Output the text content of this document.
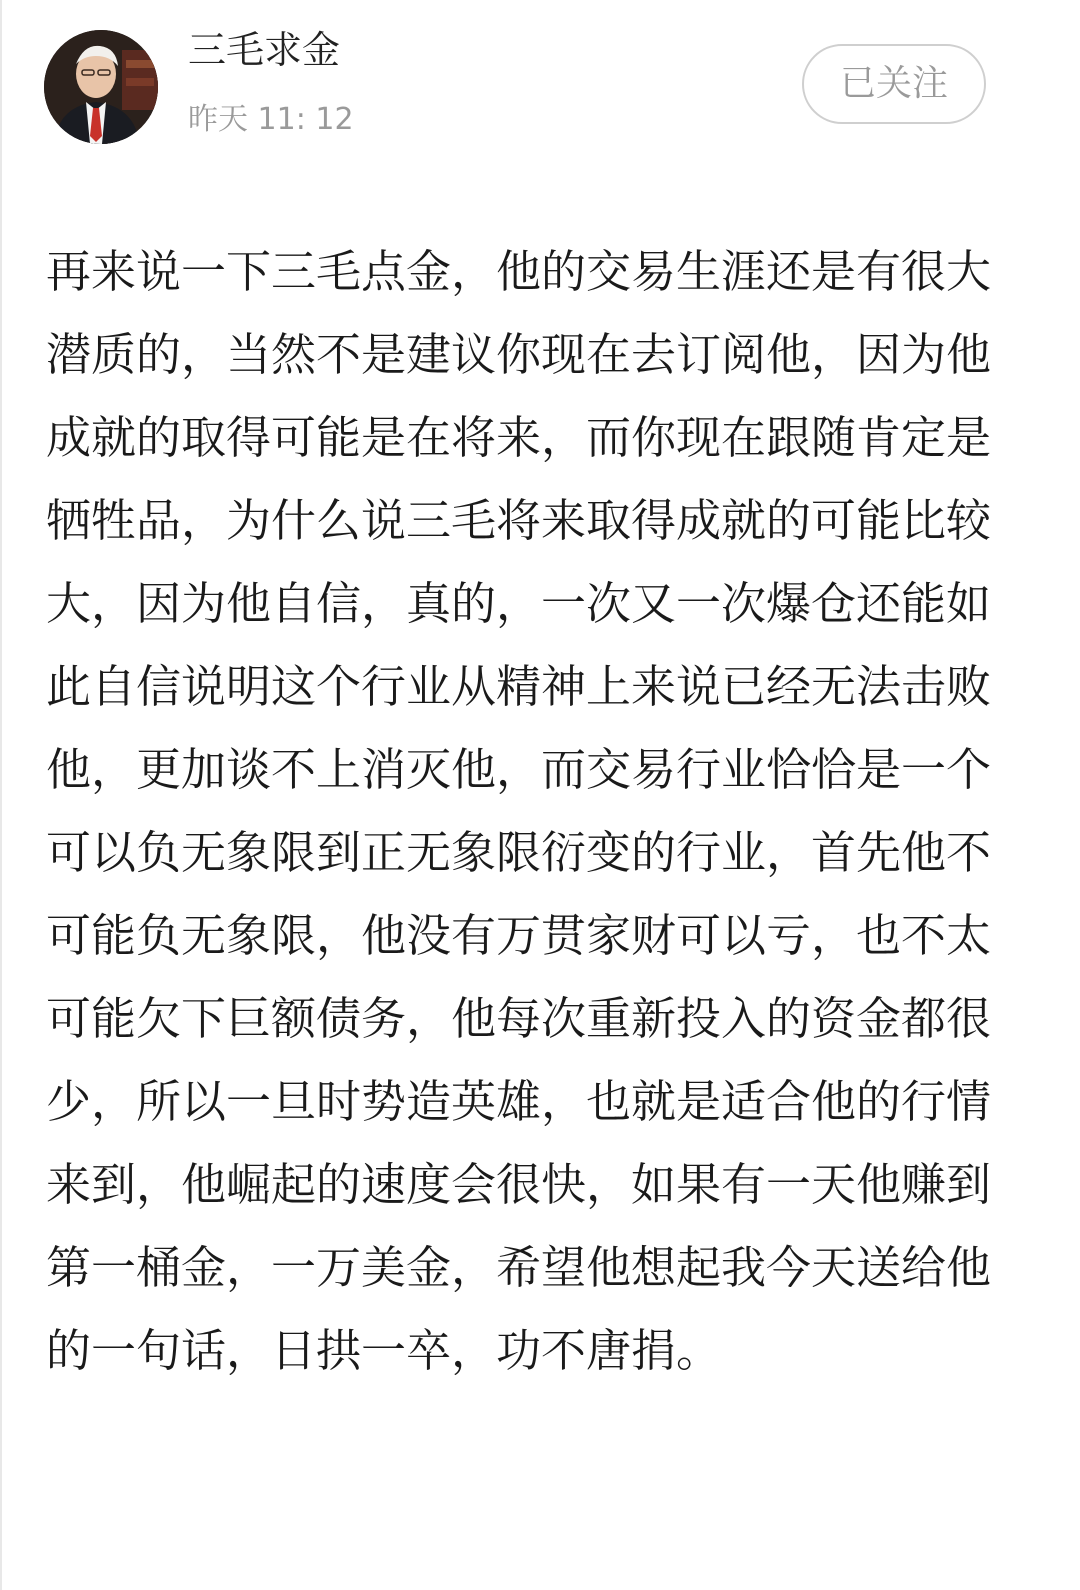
三毛求金
昨天 11: 12
已关注

再来说一下三毛点金，他的交易生涯还是有很大潜质的，当然不是建议你现在去订阅他，因为他成就的取得可能是在将来，而你现在跟随肯定是牺牲品，为什么说三毛将来取得成就的可能比较大，因为他自信，真的，一次又一次爆仓还能如此自信说明这个行业从精神上来说已经无法击败他，更加谈不上消灭他，而交易行业恰恰是一个可以负无象限到正无象限衍变的行业，首先他不可能负无象限，他没有万贯家财可以亏，也不太可能欠下巨额债务，他每次重新投入的资金都很少，所以一旦时势造英雄，也就是适合他的行情来到，他崛起的速度会很快，如果有一天他赚到第一桶金，一万美金，希望他想起我今天送给他的一句话，日拱一卒，功不唐捐。
